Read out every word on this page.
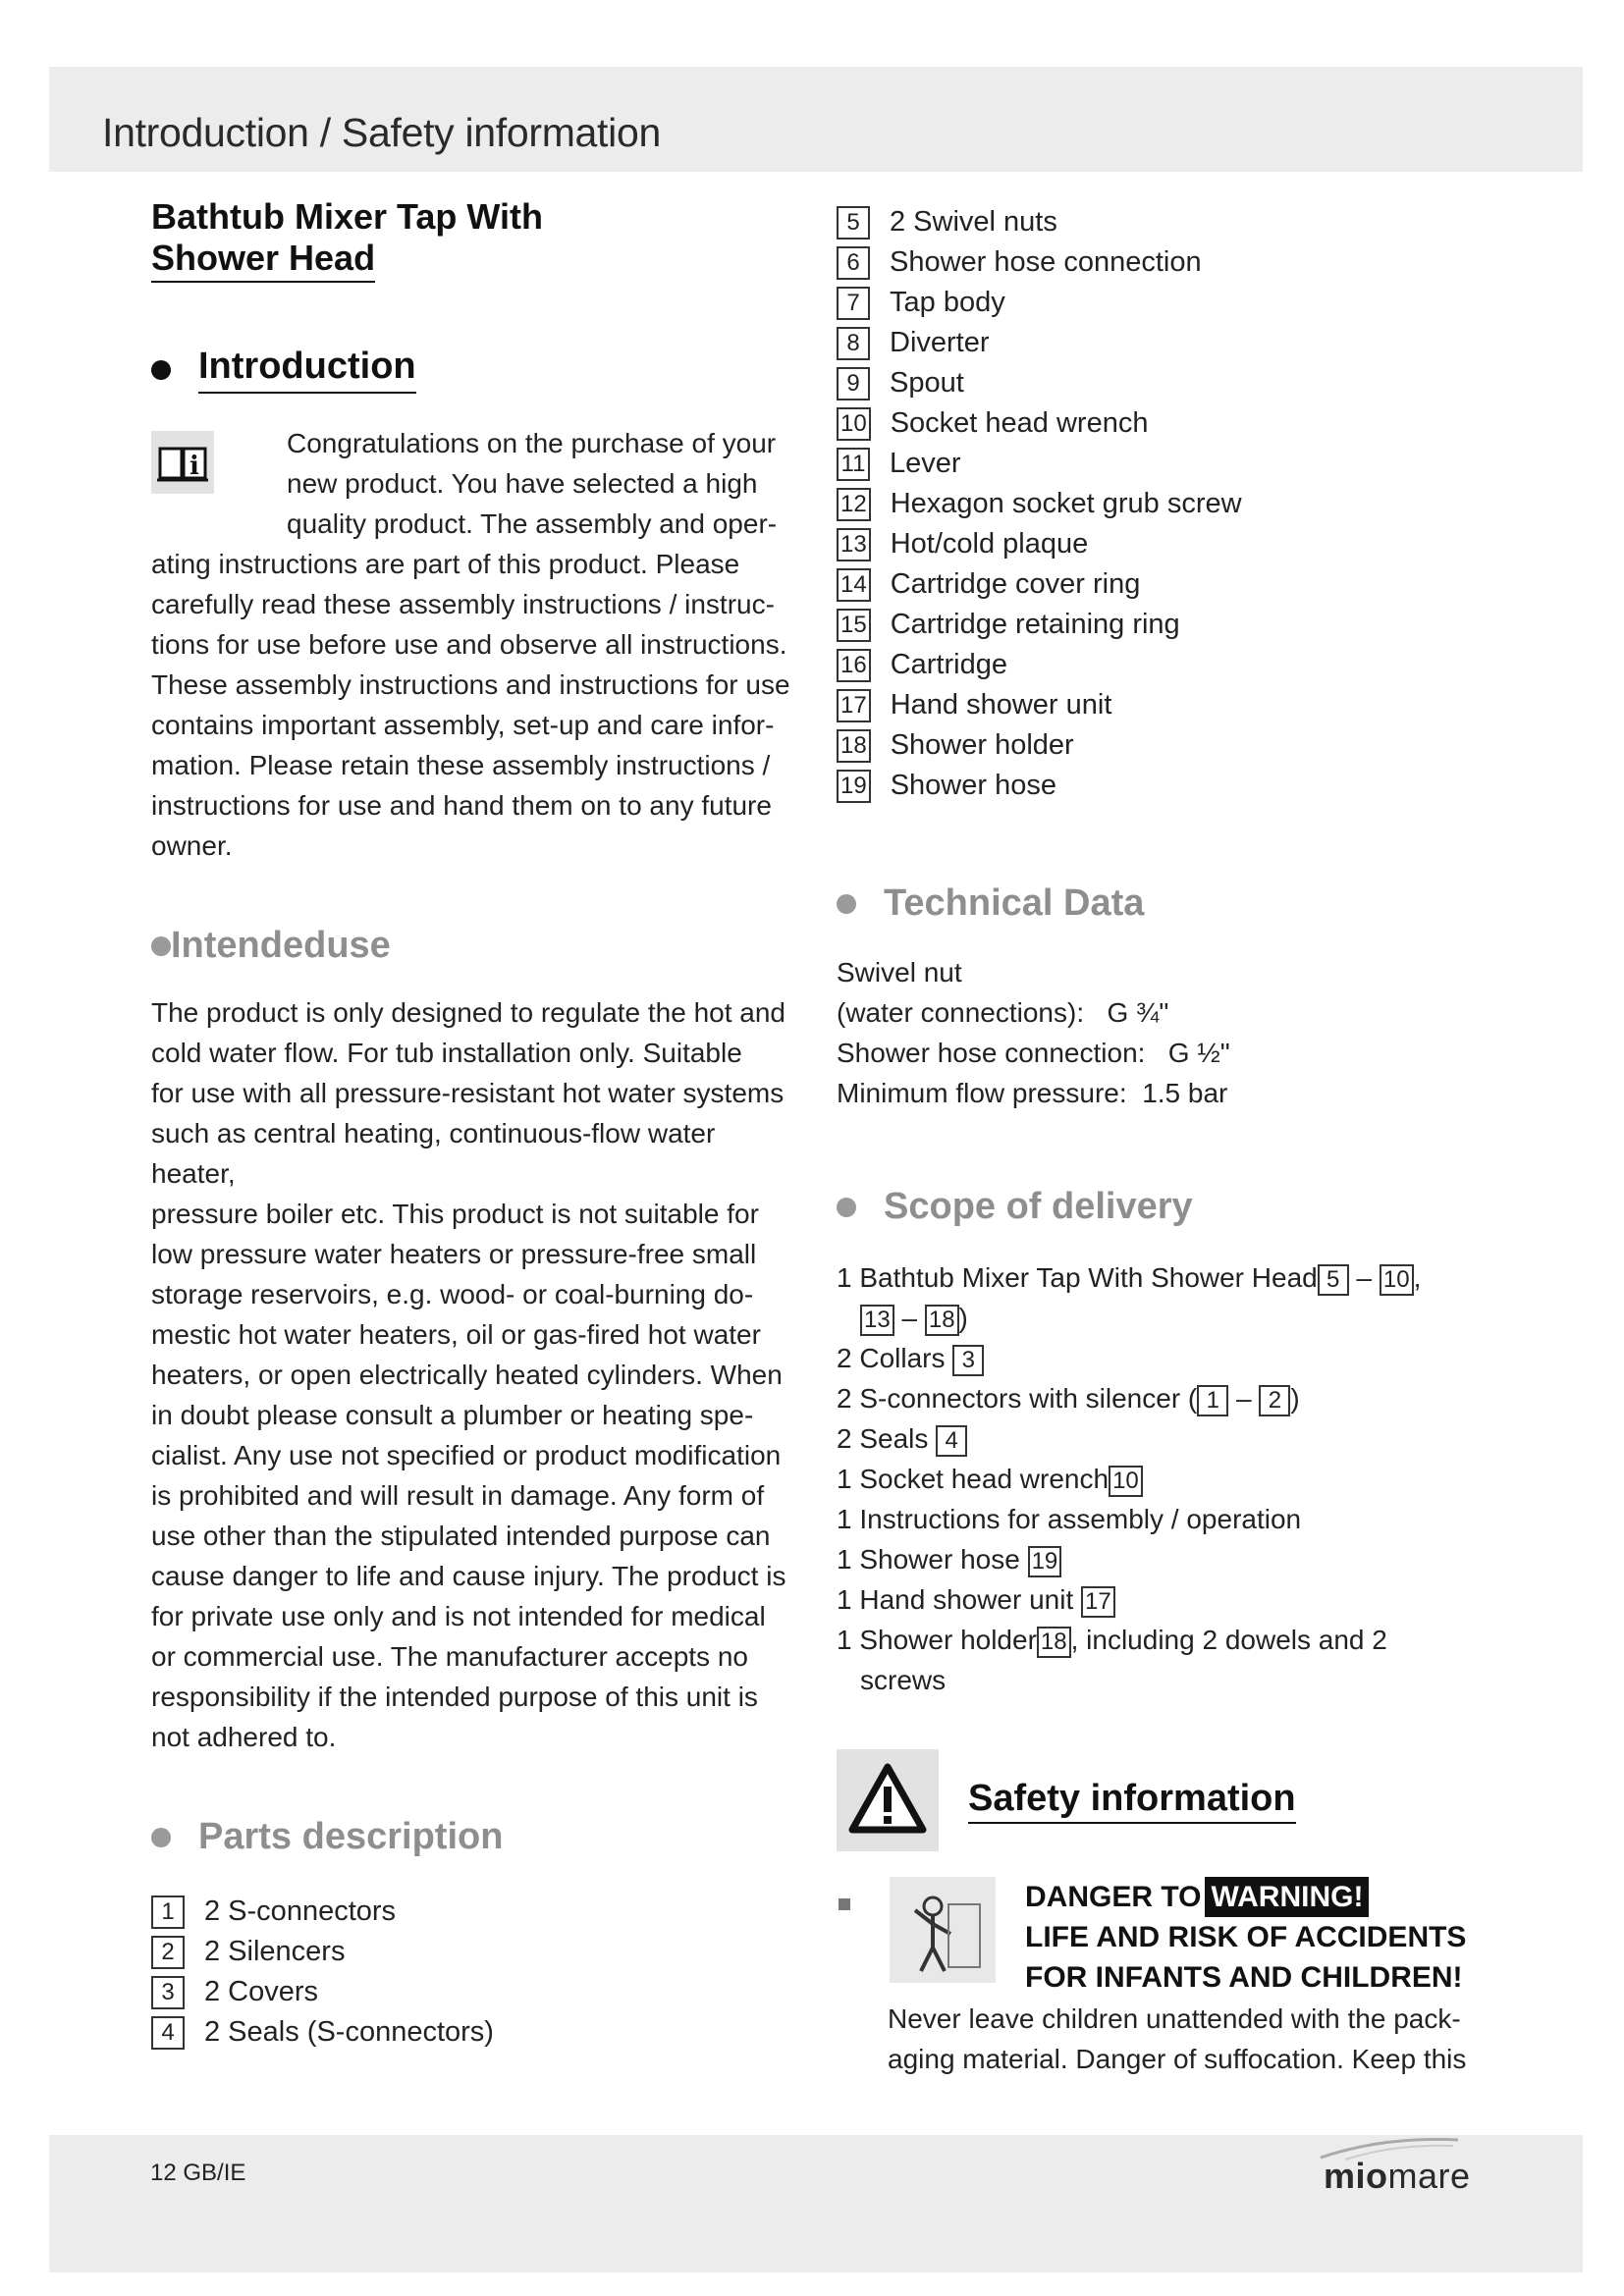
Introduction / Safety information
Bathtub Mixer Tap With
Shower Head
Introduction
i
Congratulations on the purchase of your
new product. You have selected a high
quality product. The assembly and oper-
ating instructions are part of this product. Please
carefully read these assembly instructions / instruc-
tions for use before use and observe all instructions.
These assembly instructions and instructions for use
contains important assembly, set-up and care infor-
mation. Please retain these assembly instructions /
instructions for use and hand them on to any future
owner.
Intendeduse
The product is only designed to regulate the hot and
cold water flow. For tub installation only. Suitable
for use with all pressure-resistant hot water systems
such as central heating, continuous-flow water heater,
pressure boiler etc. This product is not suitable for
low pressure water heaters or pressure-free small
storage reservoirs, e.g. wood- or coal-burning do-
mestic hot water heaters, oil or gas-fired hot water
heaters, or open electrically heated cylinders. When
in doubt please consult a plumber or heating spe-
cialist. Any use not specified or product modification
is prohibited and will result in damage. Any form of
use other than the stipulated intended purpose can
cause danger to life and cause injury. The product is
for private use only and is not intended for medical
or commercial use. The manufacturer accepts no
responsibility if the intended purpose of this unit is
not adhered to.
Parts description
1	2 S-connectors
2	2 Silencers
3	2 Covers
4	2 Seals (S-connectors)
5	2 Swivel nuts
6	Shower hose connection
7	Tap body
8	Diverter
9	Spout
10 Socket head wrench
11 Lever
12 Hexagon socket grub screw
13 Hot/cold plaque
14 Cartridge cover ring
15 Cartridge retaining ring
16 Cartridge
17 Hand shower unit
18 Shower holder
19 Shower hose
Technical Data
Swivel nut
(water connections): G ¾"
Shower hose connection: G ½"
Minimum flow pressure: 1.5 bar
Scope of delivery
1 Bathtub Mixer Tap With Shower Head 5 – 10 ,
13 – 18 )
2 Collars 3
2 S-connectors with silencer ( 1 – 2 )
2 Seals 4
1 Socket head wrench 10
1 Instructions for assembly / operation
1 Shower hose 19
1 Hand shower unit 17
1 Shower holder 18 , including 2 dowels and 2
screws
Safety information
DANGER TO WARNING!
LIFE AND RISK OF ACCIDENTS
FOR INFANTS AND CHILDREN!
Never leave children unattended with the pack-
aging material. Danger of suffocation. Keep this
12 GB/IE	miomare
